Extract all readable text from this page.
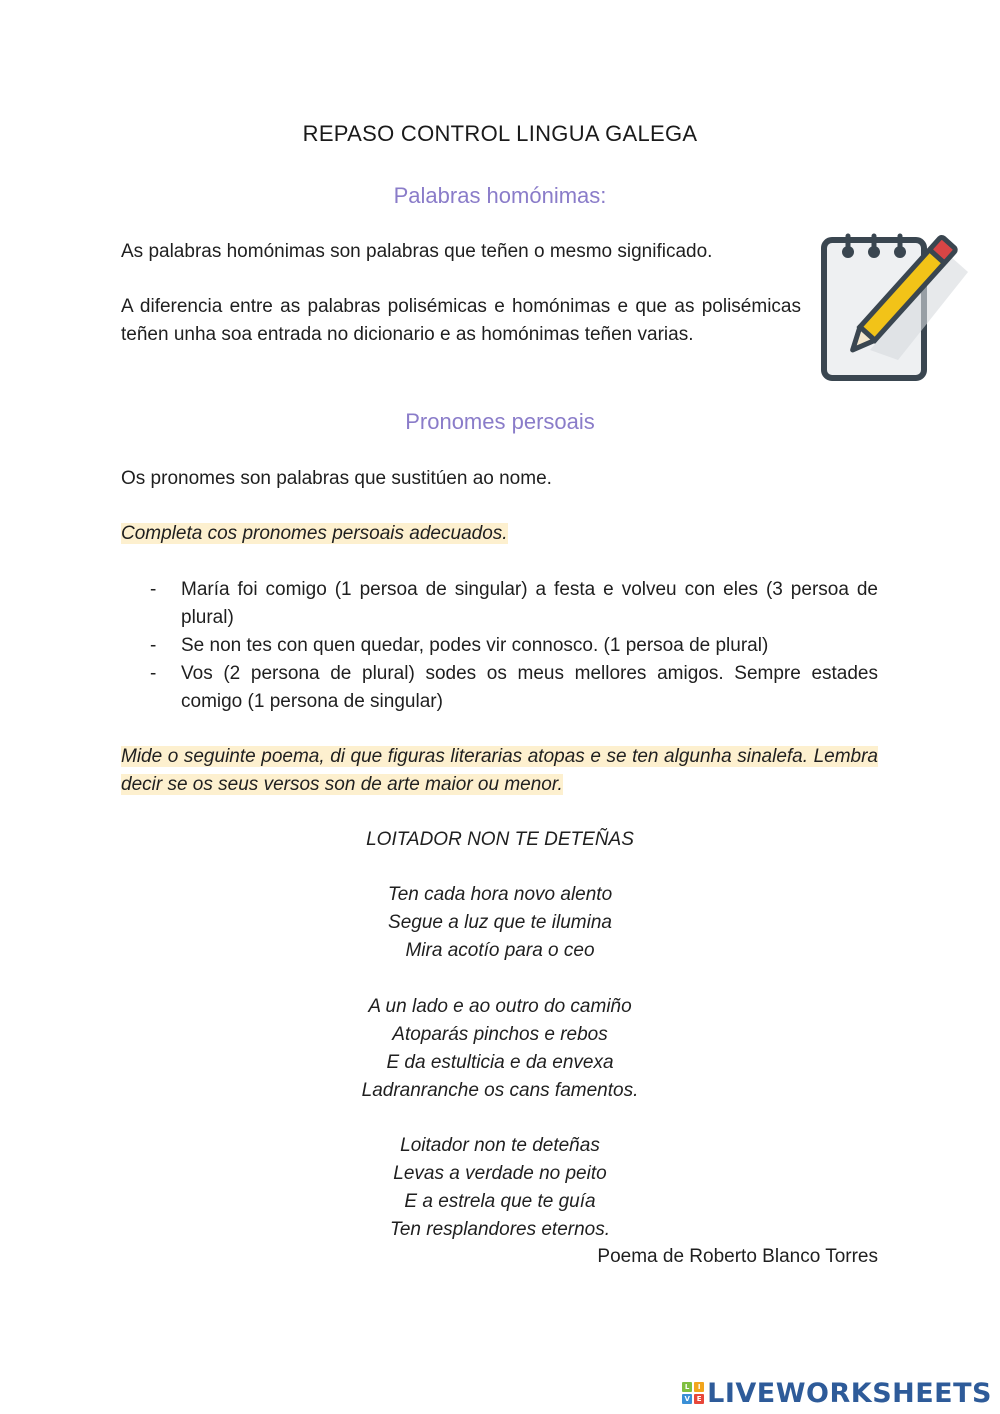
REPASO CONTROL LINGUA GALEGA
Palabras homónimas:
As palabras homónimas son palabras que teñen o mesmo significado.
A diferencia entre as palabras polisémicas e homónimas e que as polisémicas teñen unha soa entrada no dicionario e as homónimas teñen varias.
Pronomes persoais
Os pronomes son palabras que sustitúen ao nome.
Completa cos pronomes persoais adecuados.
- María foi comigo (1 persoa de singular) a festa e volveu con eles (3 persoa de plural)
- Se non tes con quen quedar, podes vir connosco. (1 persoa de plural)
- Vos (2 persona de plural) sodes os meus mellores amigos. Sempre estades comigo (1 persona de singular)
Mide o seguinte poema, di que figuras literarias atopas e se ten algunha sinalefa. Lembra decir se os seus versos son de arte maior ou menor.
LOITADOR NON TE DETEÑAS
Ten cada hora novo alento
Segue a luz que te ilumina
Mira acotío para o ceo
A un lado e ao outro do camiño
Atoparás pinchos e rebos
E da estulticia e da envexa
Ladranranche os cans famentos.
Loitador non te deteñas
Levas a verdade no peito
E a estrela que te guía
Ten resplandores eternos.
Poema de Roberto Blanco Torres
L	I
V E LIVEWORKSHEETS
